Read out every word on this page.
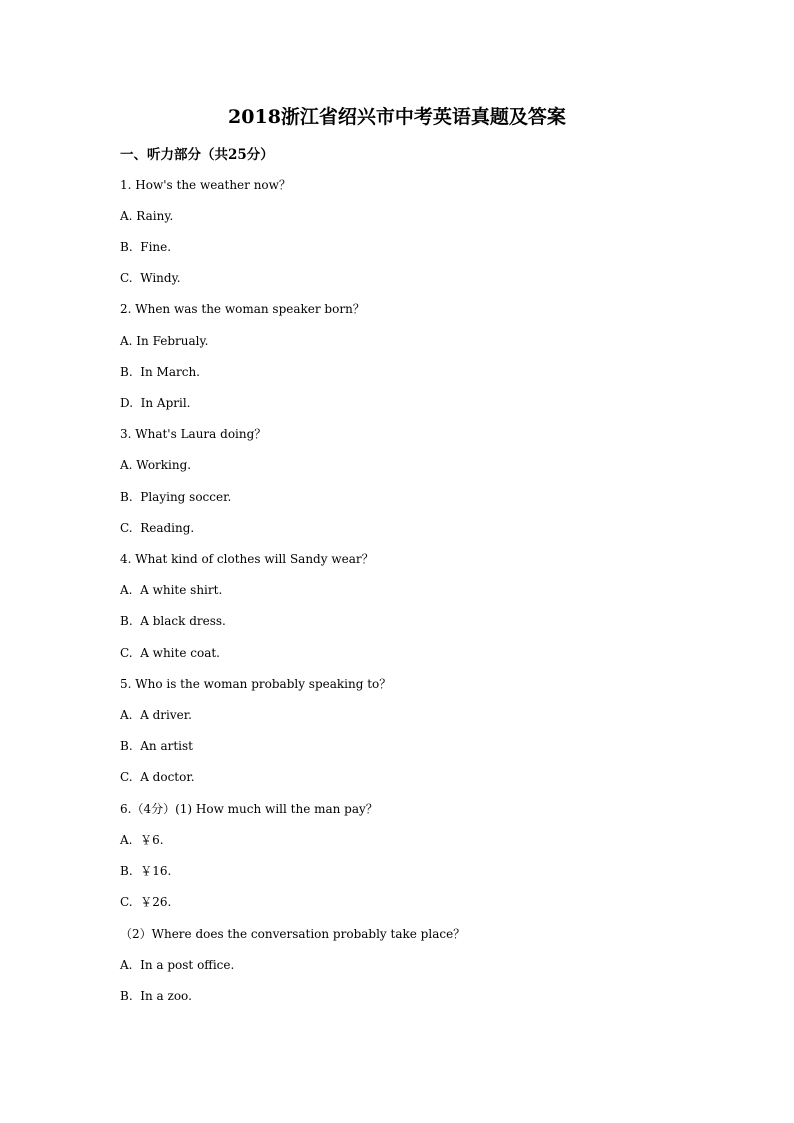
2018浙江省绍兴市中考英语真题及答案
一、听力部分（共25分）
1. How's the weather now？
A. Rainy.
B.  Fine.
C.  Windy.
2. When was the woman speaker born？
A. In Februaly.
B.  In March.
D.  In April.
3. What's Laura doing？
A. Working.
B.  Playing soccer.
C.  Reading.
4. What kind of clothes will Sandy wear？
A.  A white shirt.
B.  A black dress.
C.  A white coat.
5. Who is the woman probably speaking to？
A.  A driver.
B.  An artist
C.  A doctor.
6.（4分）(1) How much will the man pay？
A.  ￥6.
B.  ￥16.
C.  ￥26.
（2）Where does the conversation probably take place？
A.  In a post office.
B.  In a zoo.
